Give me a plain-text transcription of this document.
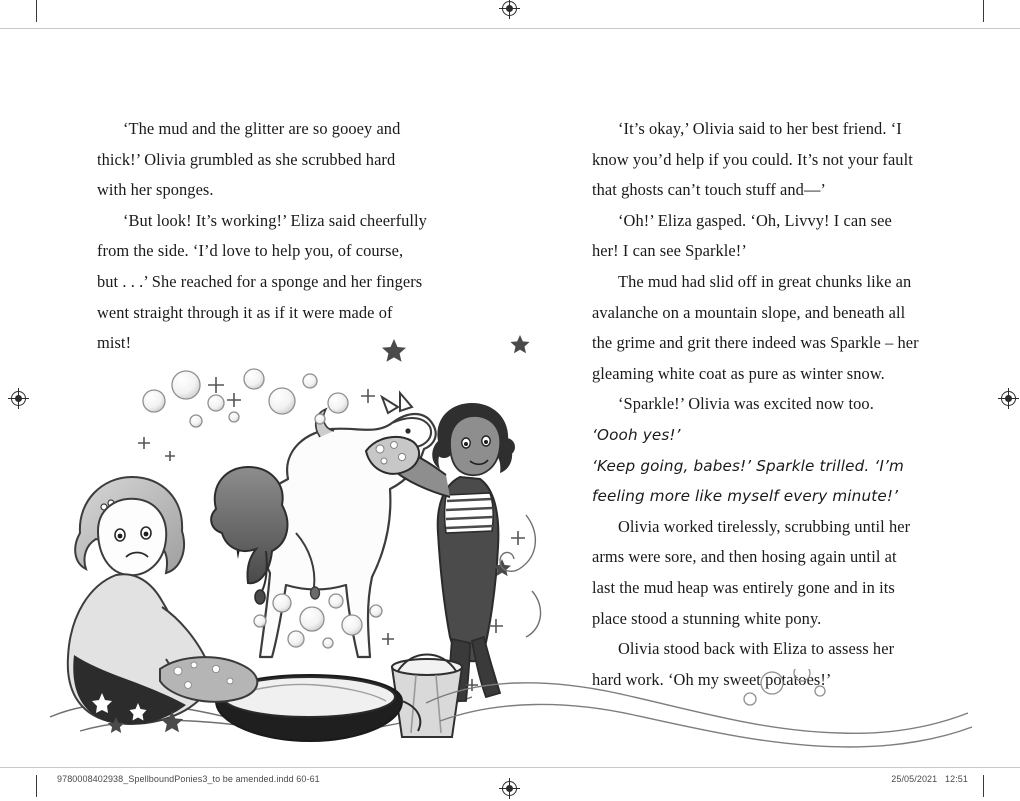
‘The mud and the glitter are so gooey and thick!’ Olivia grumbled as she scrubbed hard with her sponges.

‘But look! It’s working!’ Eliza said cheerfully from the side. ‘I’d love to help you, of course, but . . .’ She reached for a sponge and her fingers went straight through it as if it were made of mist!

‘It’s okay,’ Olivia said to her best friend. ‘I know you’d help if you could. It’s not your fault that ghosts can’t touch stuff and—’

‘Oh!’ Eliza gasped. ‘Oh, Livvy! I can see her! I can see Sparkle!’

The mud had slid off in great chunks like an avalanche on a mountain slope, and beneath all the grime and grit there indeed was Sparkle – her gleaming white coat as pure as winter snow.

‘Sparkle!’ Olivia was excited now too. ‘Oooh yes!’

‘Keep going, babes!’ Sparkle trilled. ‘I’m feeling more like myself every minute!’

Olivia worked tirelessly, scrubbing until her arms were sore, and then hosing again until at last the mud heap was entirely gone and in its place stood a stunning white pony.

Olivia stood back with Eliza to assess her hard work. ‘Oh my sweet potatoes!’

9780008402938_SpellboundPonies3_to be amended.indd 60-61	25/05/2021 12:51
